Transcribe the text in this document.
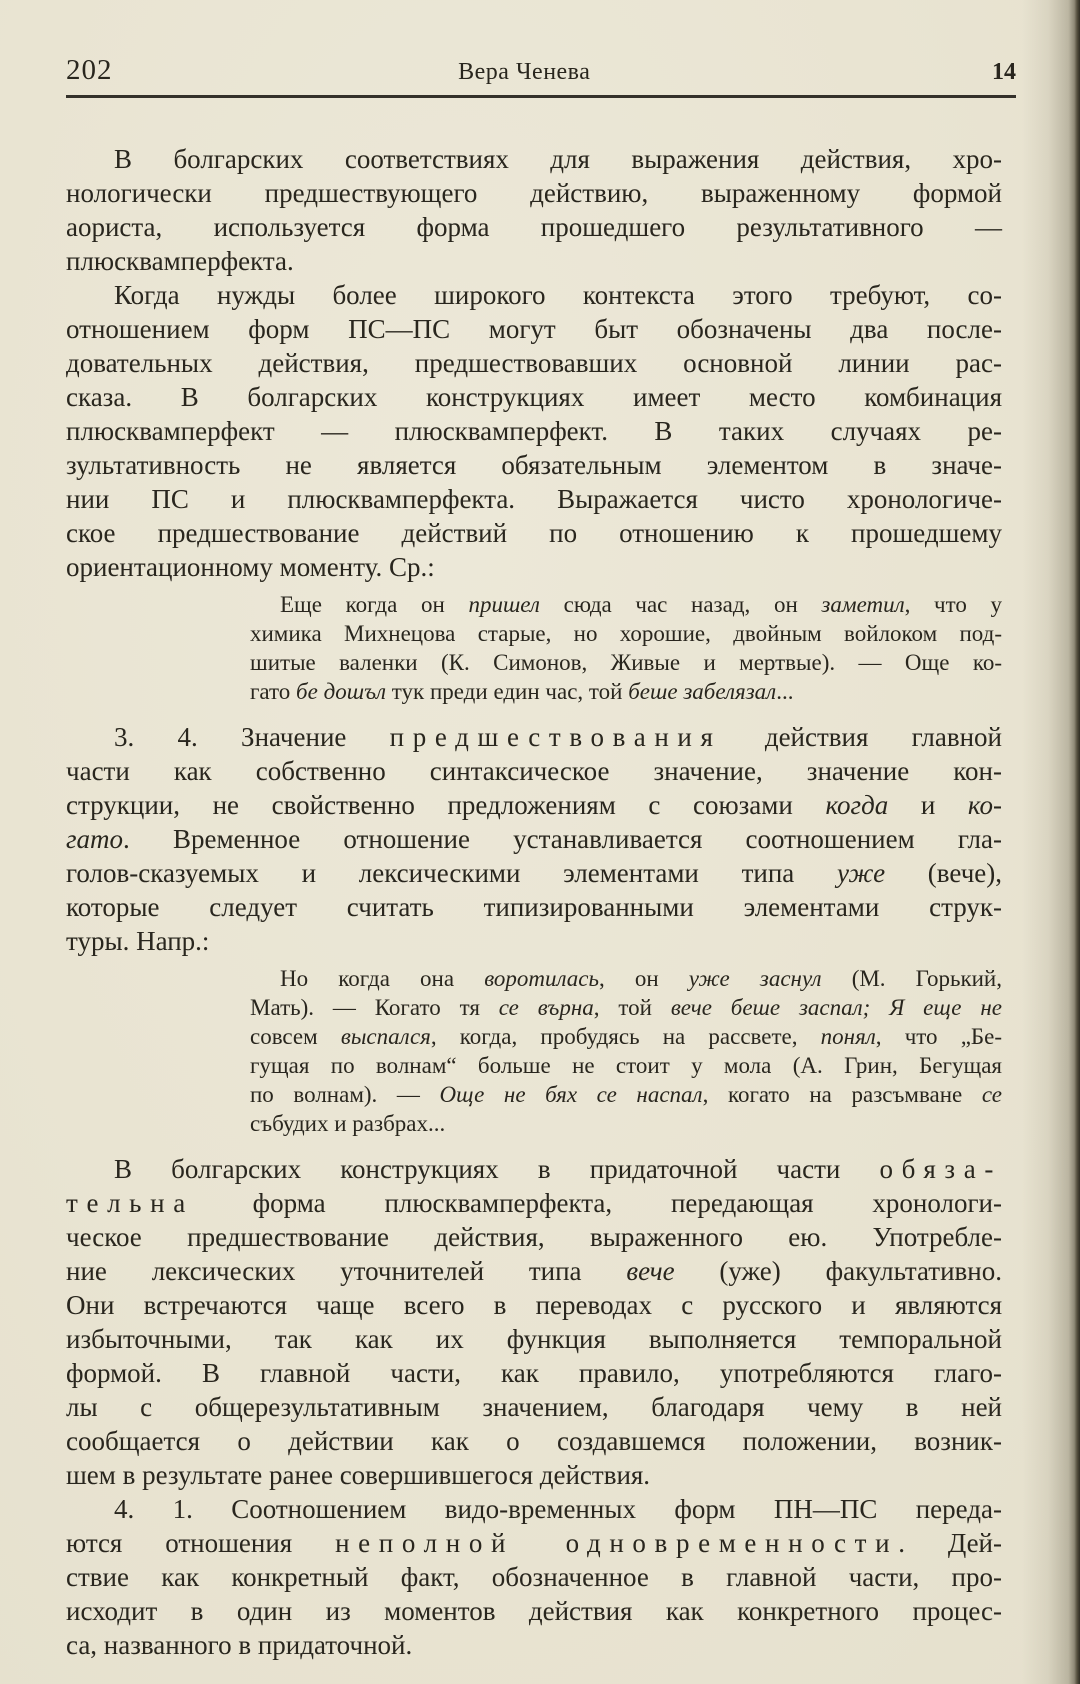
202	Вера Ченева	14
В болгарских соответствиях для выражения действия, хро-
нологически предшествующего действию, выраженному формой
аориста, используется форма прошедшего результативного —
плюсквамперфекта.
Когда нужды более широкого контекста этого требуют, со-
отношением форм ПС—ПС могут быт обозначены два после-
довательных действия, предшествовавших основной линии рас-
сказа. В болгарских конструкциях имеет место комбинация
плюсквамперфект — плюсквамперфект. В таких случаях ре-
зультативность не является обязательным элементом в значе-
нии ПС и плюсквамперфекта. Выражается чисто хронологиче-
ское предшествование действий по отношению к прошедшему
ориентационному моменту. Ср.:
Еще когда он пришел сюда час назад, он заметил, что у
химика Михнецова старые, но хорошие, двойным войлоком под-
шитые валенки (К. Симонов, Живые и мертвые). — Още ко-
гато бе дошъл тук преди един час, той беше забелязал...
3. 4. Значение предшествования действия главной
части как собственно синтаксическое значение, значение кон-
струкции, не свойственно предложениям с союзами когда и ко-
гато. Временное отношение устанавливается соотношением гла-
голов-сказуемых и лексическими элементами типа уже (вече),
которые следует считать типизированными элементами струк-
туры. Напр.:
Но когда она воротилась, он уже заснул (М. Горький,
Мать). — Когато тя се върна, той вече беше заспал; Я еще не
совсем выспался, когда, пробудясь на рассвете, понял, что „Бе-
гущая по волнам“ больше не стоит у мола (А. Грин, Бегущая
по волнам). — Още не бях се наспал, когато на разсъмване се
събудих и разбрах...
В болгарских конструкциях в придаточной части обяза-
тельна форма плюсквамперфекта, передающая хронологи-
ческое предшествование действия, выраженного ею. Употребле-
ние лексических уточнителей типа вече (уже) факультативно.
Они встречаются чаще всего в переводах с русского и являются
избыточными, так как их функция выполняется темпоральной
формой. В главной части, как правило, употребляются глаго-
лы с общерезультативным значением, благодаря чему в ней
сообщается о действии как о создавшемся положении, возник-
шем в результате ранее совершившегося действия.
4. 1. Соотношением видо-временных форм ПН—ПС переда-
ются отношения неполной одновременности. Дей-
ствие как конкретный факт, обозначенное в главной части, про-
исходит в один из моментов действия как конкретного процес-
са, названного в придаточной.
